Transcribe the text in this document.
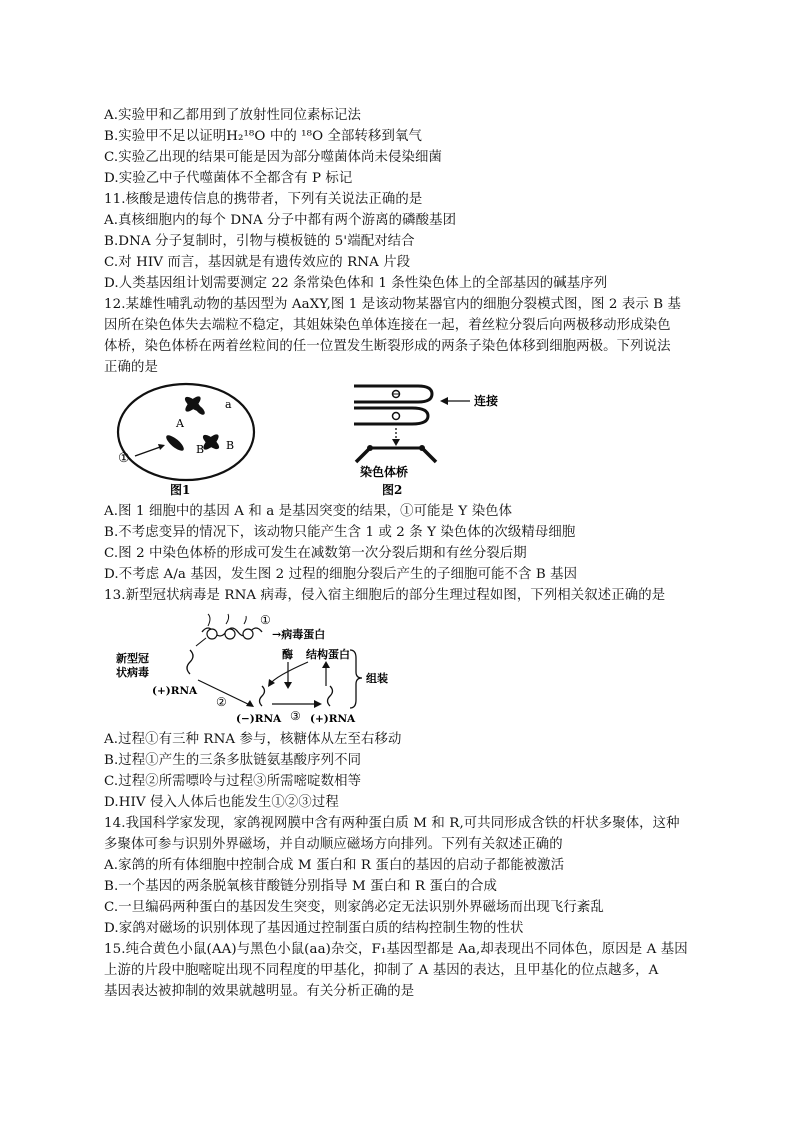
A.实验甲和乙都用到了放射性同位素标记法
B.实验甲不足以证明H₂¹⁸O 中的 ¹⁸O 全部转移到氧气
C.实验乙出现的结果可能是因为部分噬菌体尚未侵染细菌
D.实验乙中子代噬菌体不全都含有 P 标记
11.核酸是遗传信息的携带者，下列有关说法正确的是
A.真核细胞内的每个 DNA 分子中都有两个游离的磷酸基团
B.DNA 分子复制时，引物与模板链的 5'端配对结合
C.对 HIV 而言，基因就是有遗传效应的 RNA 片段
D.人类基因组计划需要测定 22 条常染色体和 1 条性染色体上的全部基因的碱基序列
12.某雄性哺乳动物的基因型为 AaXY,图 1 是该动物某器官内的细胞分裂模式图，图 2 表示 B 基
因所在染色体失去端粒不稳定，其姐妹染色单体连接在一起，着丝粒分裂后向两极移动形成染色
体桥，染色体桥在两着丝粒间的任一位置发生断裂形成的两条子染色体移到细胞两极。下列说法
正确的是
a
A
B B
①
图1
连接
染色体桥
图2
A.图 1 细胞中的基因 A 和 a 是基因突变的结果，①可能是 Y 染色体
B.不考虑变异的情况下，该动物只能产生含 1 或 2 条 Y 染色体的次级精母细胞
C.图 2 中染色体桥的形成可发生在减数第一次分裂后期和有丝分裂后期
D.不考虑 A/a 基因，发生图 2 过程的细胞分裂后产生的子细胞可能不含 B 基因
13.新型冠状病毒是 RNA 病毒，侵入宿主细胞后的部分生理过程如图，下列相关叙述正确的是
①
→病毒蛋白
新型冠
状病毒
(+)RNA
②
(−)RNA ③ (+)RNA
酶 结构蛋白
组装
A.过程①有三种 RNA 参与，核糖体从左至右移动
B.过程①产生的三条多肽链氨基酸序列不同
C.过程②所需嘌呤与过程③所需嘧啶数相等
D.HIV 侵入人体后也能发生①②③过程
14.我国科学家发现，家鸽视网膜中含有两种蛋白质 M 和 R,可共同形成含铁的杆状多聚体，这种
多聚体可参与识别外界磁场，并自动顺应磁场方向排列。下列有关叙述正确的
A.家鸽的所有体细胞中控制合成 M 蛋白和 R 蛋白的基因的启动子都能被激活
B.一个基因的两条脱氧核苷酸链分别指导 M 蛋白和 R 蛋白的合成
C.一旦编码两种蛋白的基因发生突变，则家鸽必定无法识别外界磁场而出现飞行紊乱
D.家鸽对磁场的识别体现了基因通过控制蛋白质的结构控制生物的性状
15.纯合黄色小鼠(AA)与黑色小鼠(aa)杂交，F₁基因型都是 Aa,却表现出不同体色，原因是 A 基因
上游的片段中胞嘧啶出现不同程度的甲基化，抑制了 A 基因的表达，且甲基化的位点越多，A
基因表达被抑制的效果就越明显。有关分析正确的是
